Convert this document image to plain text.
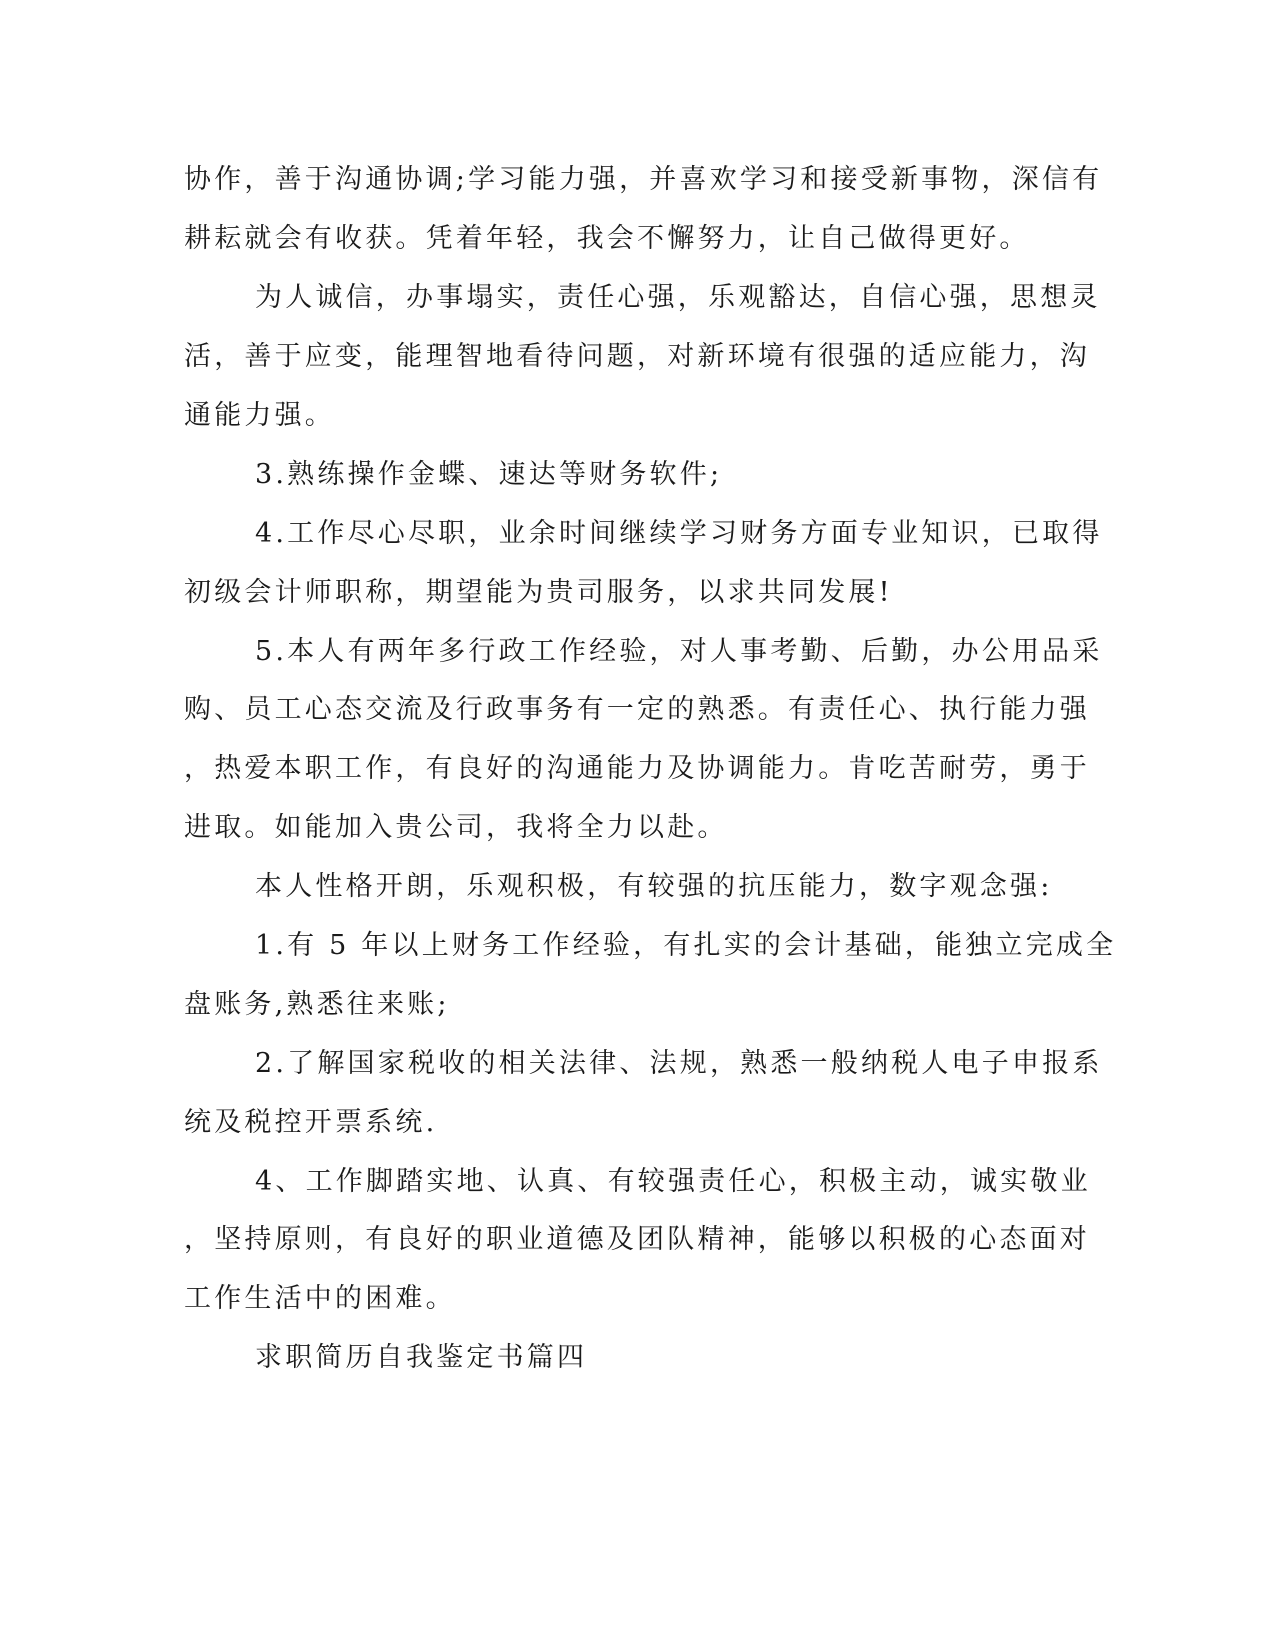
协作，善于沟通协调;学习能力强，并喜欢学习和接受新事物，深信有
耕耘就会有收获。凭着年轻，我会不懈努力，让自己做得更好。
为人诚信，办事塌实，责任心强，乐观豁达，自信心强，思想灵
活，善于应变，能理智地看待问题，对新环境有很强的适应能力，沟
通能力强。
3.熟练操作金蝶、速达等财务软件;
4.工作尽心尽职，业余时间继续学习财务方面专业知识，已取得
初级会计师职称，期望能为贵司服务，以求共同发展!
5.本人有两年多行政工作经验，对人事考勤、后勤，办公用品采
购、员工心态交流及行政事务有一定的熟悉。有责任心、执行能力强
，热爱本职工作，有良好的沟通能力及协调能力。肯吃苦耐劳，勇于
进取。如能加入贵公司，我将全力以赴。
本人性格开朗，乐观积极，有较强的抗压能力，数字观念强:
1.有 5 年以上财务工作经验，有扎实的会计基础，能独立完成全
盘账务,熟悉往来账;
2.了解国家税收的相关法律、法规，熟悉一般纳税人电子申报系
统及税控开票系统.
4、工作脚踏实地、认真、有较强责任心，积极主动，诚实敬业
，坚持原则，有良好的职业道德及团队精神，能够以积极的心态面对
工作生活中的困难。
求职简历自我鉴定书篇四
